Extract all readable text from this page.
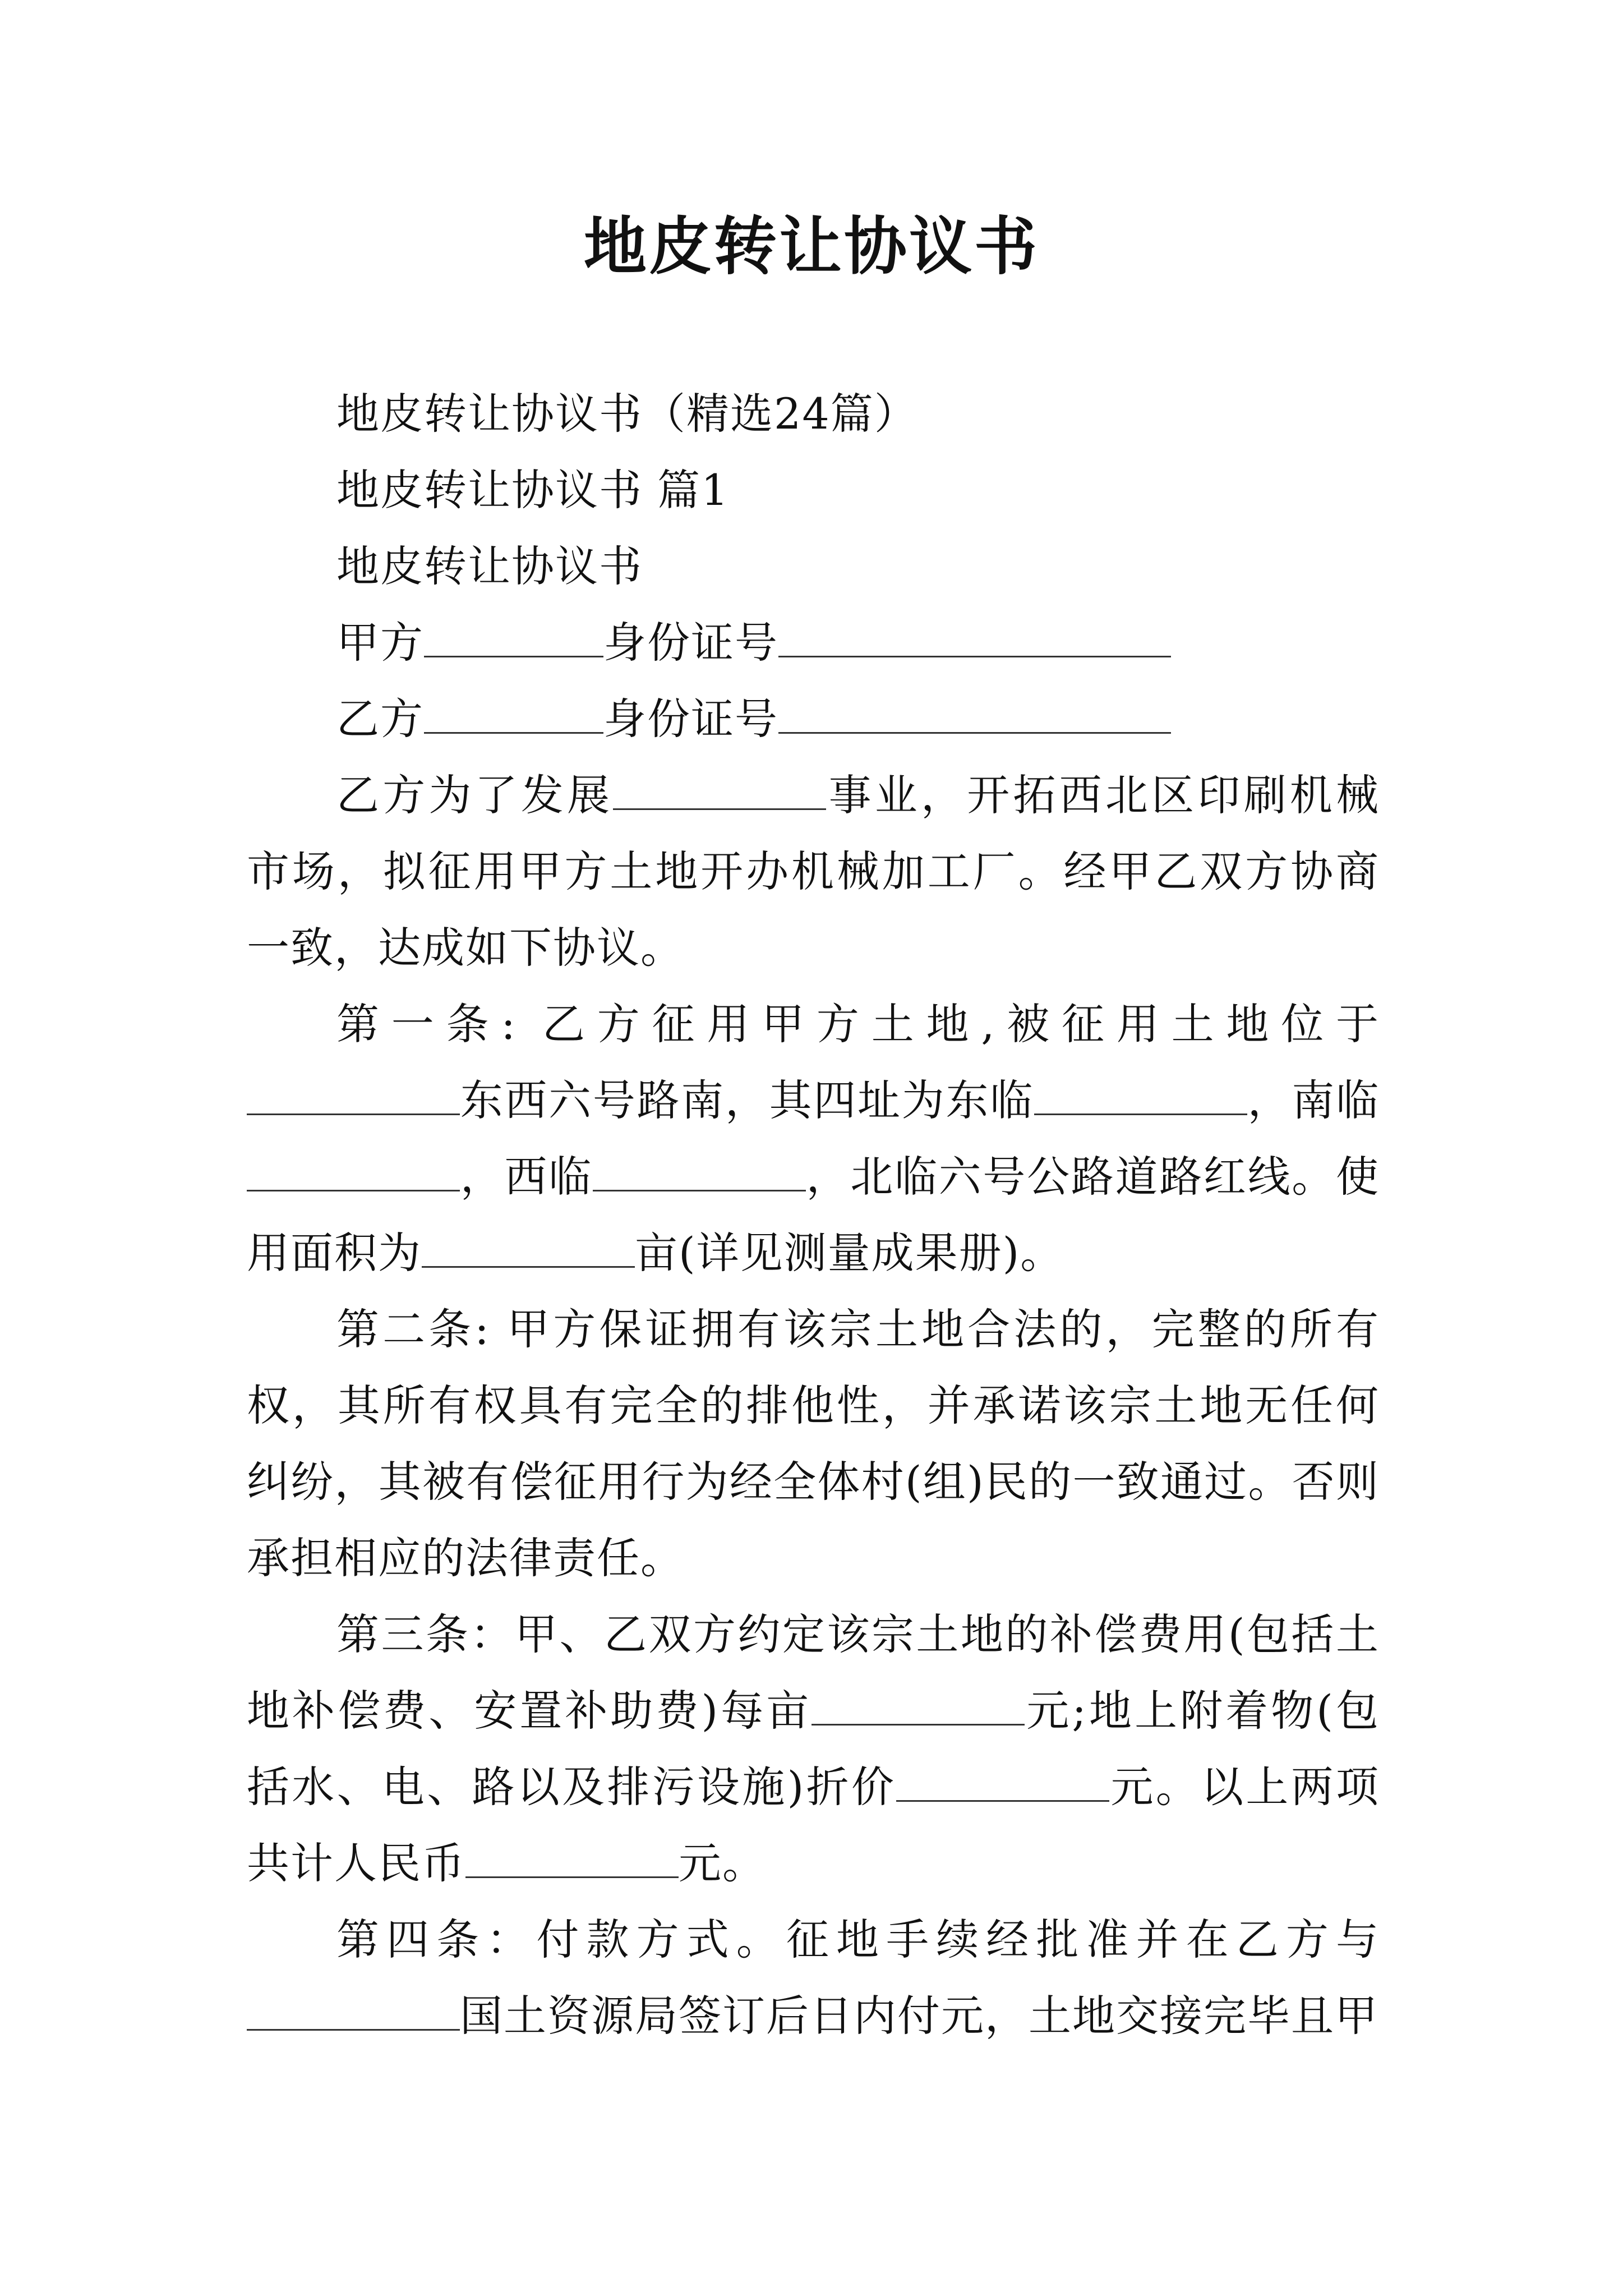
地皮转让协议书
地皮转让协议书（精选24篇）
地皮转让协议书 篇1
地皮转让协议书
甲方	身份证号
乙方	身份证号

乙方为了发展	事业，开拓西北区印刷机械市场，拟征用甲方土地开办机械加工厂。经甲乙双方协商一致，达成如下协议。

第一条: 乙方征用甲方土地,被征用土地位于东西六号路南，其四址为东临	，南临，西临	，北临六号公路道路红线。使用面积为	亩(详见测量成果册)。

第二条: 甲方保证拥有该宗土地合法的，完整的所有权，其所有权具有完全的排他性，并承诺该宗土地无任何纠纷，其被有偿征用行为经全体村(组)民的一致通过。否则承担相应的法律责任。

第三条：甲、乙双方约定该宗土地的补偿费用(包括土地补偿费、安置补助费)每亩	元;地上附着物(包括水、电、路以及排污设施)折价	元。以上两项共计人民币	元。

第四条：付款方式。征地手续经批准并在乙方与国土资源局签订后日内付元，土地交接完毕且甲
